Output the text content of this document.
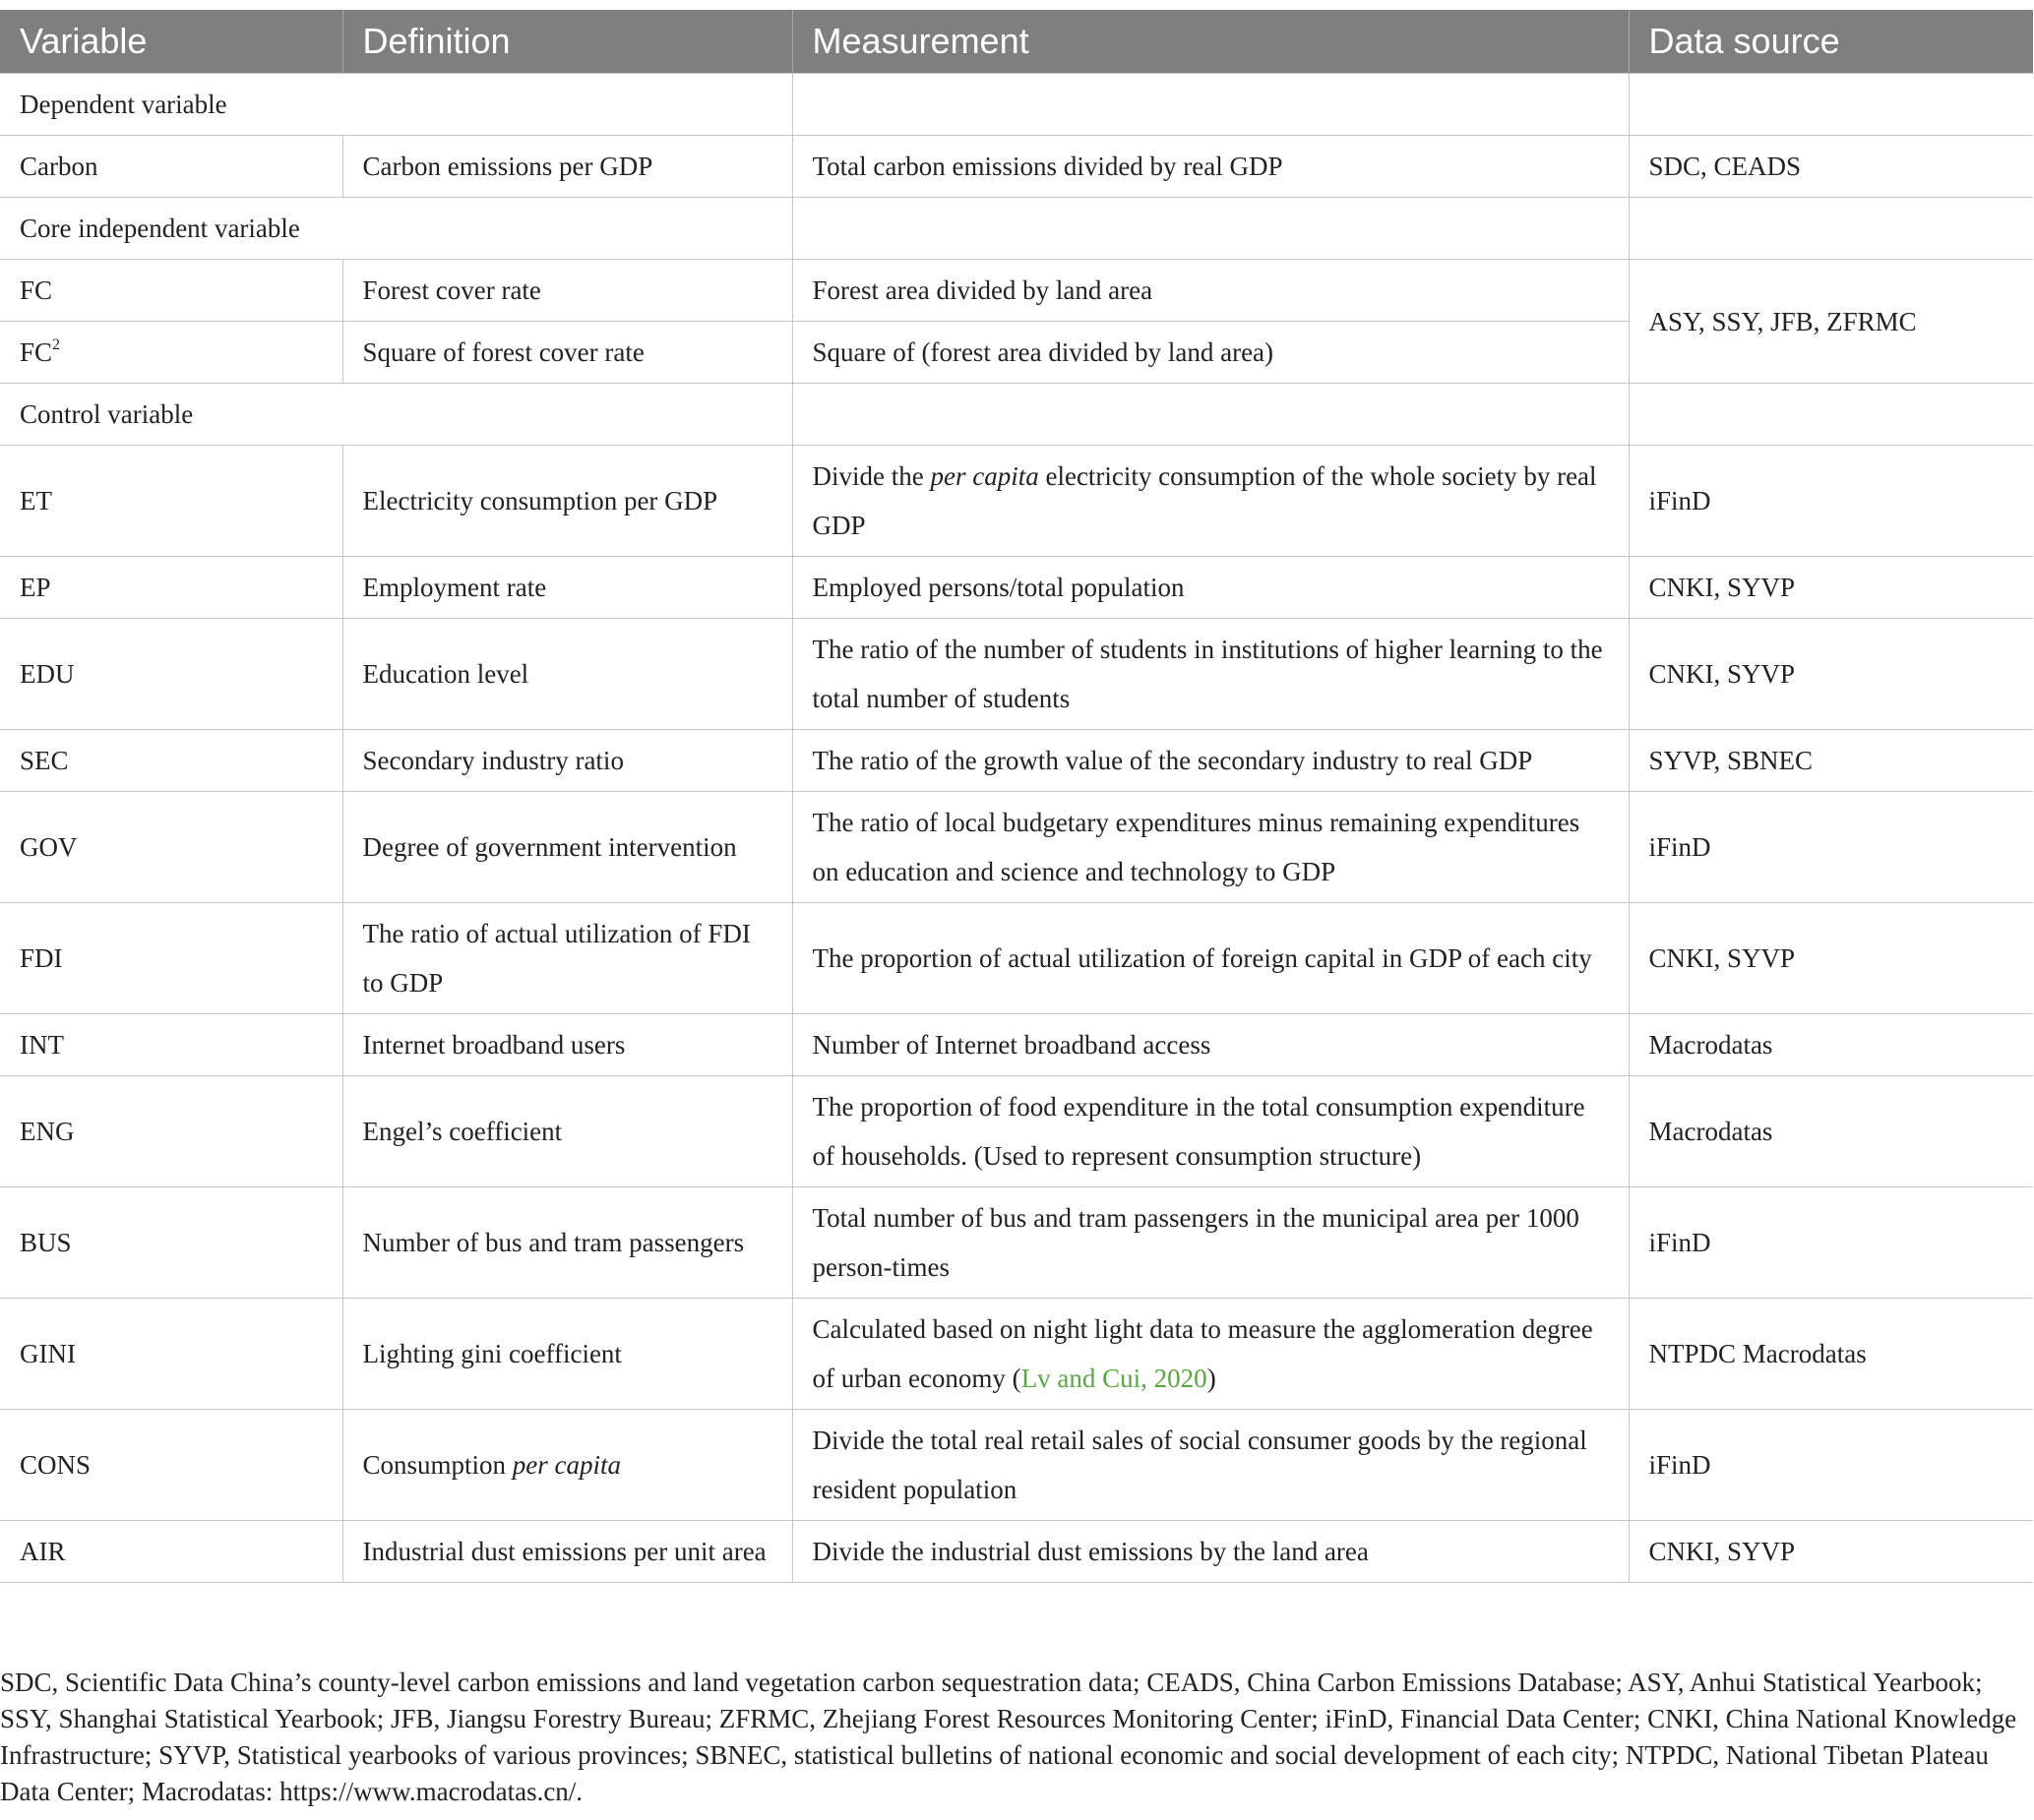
Variable	Definition	Measurement	Data source
Dependent variable			
Carbon	Carbon emissions per GDP	Total carbon emissions divided by real GDP	SDC, CEADS
Core independent variable			
FC	Forest cover rate	Forest area divided by land area	ASY, SSY, JFB, ZFRMC
$FC^2$	Square of forest cover rate	Square of (forest area divided by land area)	
Control variable			
ET	Electricity consumption per GDP	Divide the per capita electricity consumption of the whole society by real GDP	iFinD
EP	Employment rate	Employed persons/total population	CNKI, SYVP
EDU	Education level	The ratio of the number of students in institutions of higher learning to the total number of students	CNKI, SYVP
SEC	Secondary industry ratio	The ratio of the growth value of the secondary industry to real GDP	SYVP, SBNEC
GOV	Degree of government intervention	The ratio of local budgetary expenditures minus remaining expenditures on education and science and technology to GDP	iFinD
FDI	The ratio of actual utilization of FDI to GDP	The proportion of actual utilization of foreign capital in GDP of each city	CNKI, SYVP
INT	Internet broadband users	Number of Internet broadband access	Macrodatas
ENG	Engel’s coefficient	The proportion of food expenditure in the total consumption expenditure of households. (Used to represent consumption structure)	Macrodatas
BUS	Number of bus and tram passengers	Total number of bus and tram passengers in the municipal area per 1000 person-times	iFinD
GINI	Lighting gini coefficient	Calculated based on night light data to measure the agglomeration degree of urban economy (Lv and Cui, 2020)	NTPDC Macrodatas
CONS	Consumption per capita	Divide the total real retail sales of social consumer goods by the regional resident population	iFinD
AIR	Industrial dust emissions per unit area	Divide the industrial dust emissions by the land area	CNKI, SYVP
SDC, Scientific Data China’s county-level carbon emissions and land vegetation carbon sequestration data; CEADS, China Carbon Emissions Database; ASY, Anhui Statistical Yearbook; SSY, Shanghai Statistical Yearbook; JFB, Jiangsu Forestry Bureau; ZFRMC, Zhejiang Forest Resources Monitoring Center; iFinD, Financial Data Center; CNKI, China National Knowledge Infrastructure; SYVP, Statistical yearbooks of various provinces; SBNEC, statistical bulletins of national economic and social development of each city; NTPDC, National Tibetan Plateau Data Center; Macrodatas: https://www.macrodatas.cn/.
